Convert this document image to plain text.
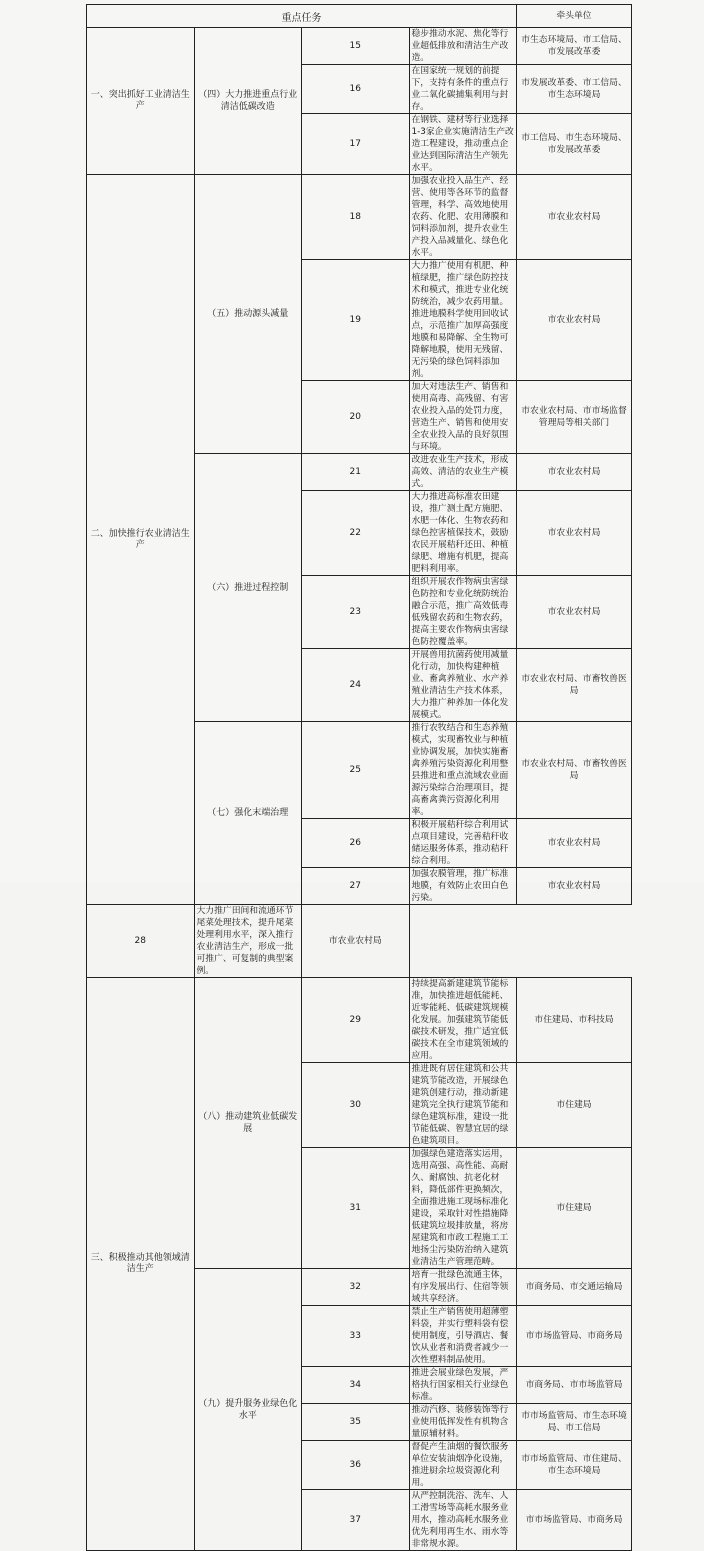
重点任务				牵头单位
一、突出抓好工业清洁生产	（四）大力推进重点行业清洁低碳改造	15	稳步推动水泥、焦化等行业超低排放和清洁生产改造。	市生态环境局、市工信局、市发展改革委
		16	在国家统一规划的前提下，支持有条件的重点行业二氧化碳捕集利用与封存。	市发展改革委、市工信局、市生态环境局
		17	在钢铁、建材等行业选择1-3家企业实施清洁生产改造工程建设，推动重点企业达到国际清洁生产领先水平。	市工信局、市生态环境局、市发展改革委
二、加快推行农业清洁生产	（五）推动源头减量	18	加强农业投入品生产、经营、使用等各环节的监督管理，科学、高效地使用农药、化肥、农用薄膜和饲料添加剂，提升农业生产投入品减量化、绿色化水平。	市农业农村局
		19	大力推广使用有机肥、种植绿肥，推广绿色防控技术和模式，推进专业化统防统治，减少农药用量。推进地膜科学使用回收试点，示范推广加厚高强度地膜和易降解、全生物可降解地膜，使用无残留、无污染的绿色饲料添加剂。	市农业农村局
		20	加大对违法生产、销售和使用高毒、高残留、有害农业投入品的处罚力度，营造生产、销售和使用安全农业投入品的良好氛围与环境。	市农业农村局、市市场监督管理局等相关部门
	（六）推进过程控制	21	改进农业生产技术，形成高效、清洁的农业生产模式。	市农业农村局
		22	大力推进高标准农田建设，推广测土配方施肥、水肥一体化、生物农药和绿色控害植保技术，鼓励农民开展秸秆还田、种植绿肥、增施有机肥，提高肥料利用率。	市农业农村局
		23	组织开展农作物病虫害绿色防控和专业化统防统治融合示范，推广高效低毒低残留农药和生物农药，提高主要农作物病虫害绿色防控覆盖率。	市农业农村局
		24	开展兽用抗菌药使用减量化行动，加快构建种植业、畜禽养殖业、水产养殖业清洁生产技术体系，大力推广种养加一体化发展模式。	市农业农村局、市畜牧兽医局
	（七）强化末端治理	25	推行农牧结合和生态养殖模式，实现畜牧业与种植业协调发展，加快实施畜禽养殖污染资源化利用整县推进和重点流域农业面源污染综合治理项目，提高畜禽粪污资源化利用率。	市农业农村局、市畜牧兽医局
		26	积极开展秸秆综合利用试点项目建设，完善秸秆收储运服务体系，推动秸秆综合利用。	市农业农村局
		27	加强农膜管理，推广标准地膜，有效防止农田白色污染。	市农业农村局
28	大力推广田间和流通环节尾菜处理技术，提升尾菜处理利用水平，深入推行农业清洁生产，形成一批可推广、可复制的典型案例。	市农业农村局		
三、积极推动其他领域清洁生产	（八）推动建筑业低碳发展	29	持续提高新建建筑节能标准，加快推进超低能耗、近零能耗、低碳建筑规模化发展。加强建筑节能低碳技术研发，推广适宜低碳技术在全市建筑领域的应用。	市住建局、市科技局
		30	推进既有居住建筑和公共建筑节能改造，开展绿色建筑创建行动，推动新建建筑完全执行建筑节能和绿色建筑标准，建设一批节能低碳、智慧宜居的绿色建筑项目。	市住建局
		31	加强绿色建造落实运用，选用高强、高性能、高耐久、耐腐蚀、抗老化材料，降低部件更换频次，全面推进施工现场标准化建设，采取针对性措施降低建筑垃圾排放量，将房屋建筑和市政工程施工工地扬尘污染防治纳入建筑业清洁生产管理范畴。	市住建局
	（九）提升服务业绿色化水平	32	培育一批绿色流通主体，有序发展出行、住宿等领域共享经济。	市商务局、市交通运输局
		33	禁止生产销售使用超薄塑料袋，并实行塑料袋有偿使用制度，引导酒店、餐饮从业者和消费者减少一次性塑料制品使用。	市市场监管局、市商务局
		34	推进会展业绿色发展，严格执行国家相关行业绿色标准。	市商务局、市市场监管局
		35	推动汽修、装修装饰等行业使用低挥发性有机物含量原辅材料。	市市场监管局、市生态环境局、市工信局
		36	督促产生油烟的餐饮服务单位安装油烟净化设施，推进厨余垃圾资源化利用。	市市场监管局、市住建局、市生态环境局
		37	从严控制洗浴、洗车、人工滑雪场等高耗水服务业用水，推动高耗水服务业优先利用再生水、雨水等非常规水源。	市市场监管局、市商务局
